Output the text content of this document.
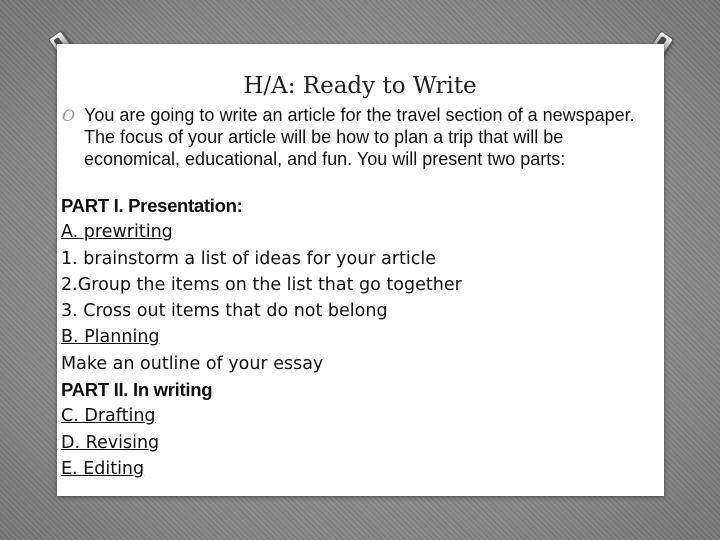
H/A: Ready to Write
O You are going to write an article for the travel section of a newspaper. The focus of your article will be how to plan a trip that will be economical, educational, and fun. You will present two parts:
PART I. Presentation:
A. prewriting
1. brainstorm a list of ideas for your article
2.Group the items on the list that go together
3. Cross out items that do not belong
B. Planning
Make an outline of your essay
PART II. In writing
C. Drafting
D. Revising
E. Editing
